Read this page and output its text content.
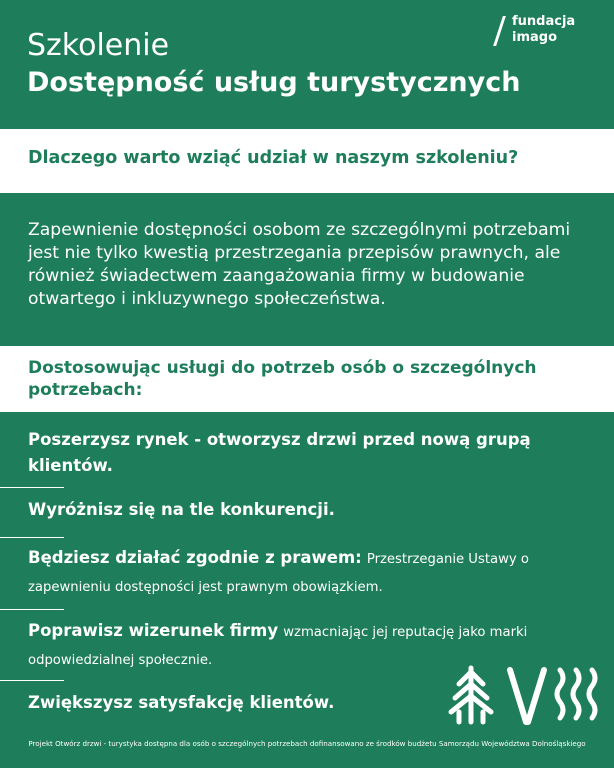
fundacja
imago
Szkolenie
Dostępność usług turystycznych
Dlaczego warto wziąć udział w naszym szkoleniu?
Zapewnienie dostępności osobom ze szczególnymi potrzebami jest nie tylko kwestią przestrzegania przepisów prawnych, ale również świadectwem zaangażowania firmy w budowanie otwartego i inkluzywnego społeczeństwa.
Dostosowując usługi do potrzeb osób o szczególnych potrzebach:
Poszerzysz rynek - otworzysz drzwi przed nową grupą klientów.
Wyróżnisz się na tle konkurencji.
Będziesz działać zgodnie z prawem: Przestrzeganie Ustawy o zapewnieniu dostępności jest prawnym obowiązkiem.
Poprawisz wizerunek firmy wzmacniając jej reputację jako marki odpowiedzialnej społecznie.
Zwiększysz satysfakcję klientów.
Projekt Otwórz drzwi - turystyka dostępna dla osób o szczególnych potrzebach dofinansowano ze środków budżetu Samorządu Województwa Dolnośląskiego
